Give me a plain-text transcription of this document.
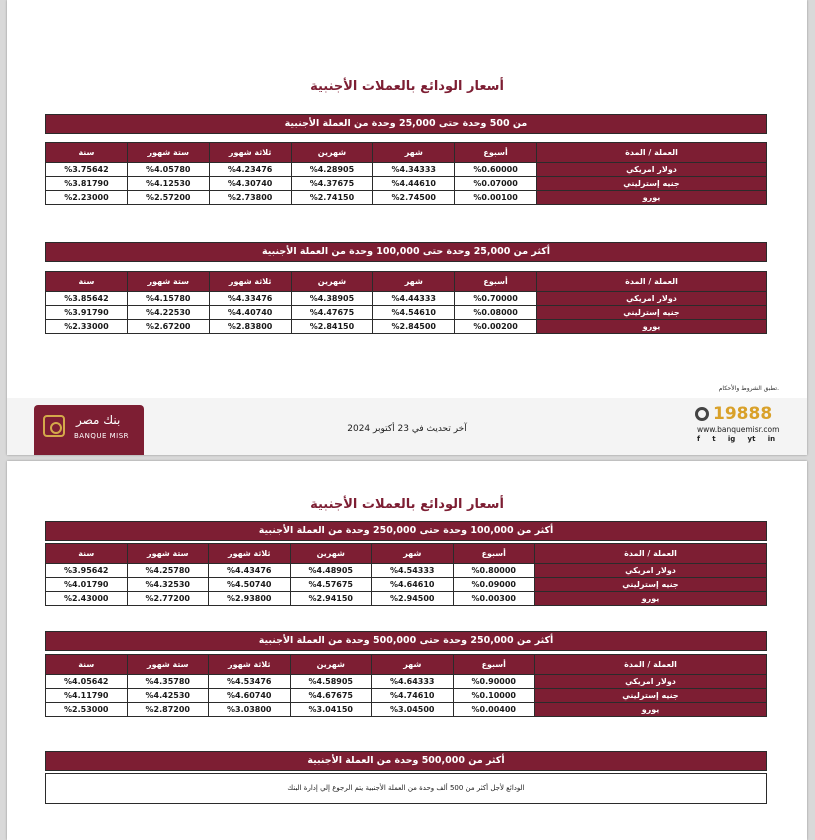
أسعار الودائع بالعملات الأجنبية
من 500 وحدة حتى 25,000 وحدة من العملة الأجنبية
العملة / المدة	أسبوع	شهر	شهرين	ثلاثة شهور	ستة شهور	سنة
دولار امريكي	%0.60000	%4.34333	%4.28905	%4.23476	%4.05780	%3.75642
جنيه إسترليني	%0.07000	%4.44610	%4.37675	%4.30740	%4.12530	%3.81790
يورو	%0.00100	%2.74500	%2.74150	%2.73800	%2.57200	%2.23000
أكثر من 25,000 وحدة حتى 100,000 وحدة من العملة الأجنبية
العملة / المدة	أسبوع	شهر	شهرين	ثلاثة شهور	ستة شهور	سنة
دولار امريكي	%0.70000	%4.44333	%4.38905	%4.33476	%4.15780	%3.85642
جنيه إسترليني	%0.08000	%4.54610	%4.47675	%4.40740	%4.22530	%3.91790
يورو	%0.00200	%2.84500	%2.84150	%2.83800	%2.67200	%2.33000
.تطبق الشروط والأحكام
بنك مصر
BANQUE MISR
آخر تحديث في 23 أكتوبر 2024
19888
www.banquemisr.com
f t ig yt in
أسعار الودائع بالعملات الأجنبية
أكثر من 100,000 وحدة حتى 250,000 وحدة من العملة الأجنبية
العملة / المدة	أسبوع	شهر	شهرين	ثلاثة شهور	ستة شهور	سنة
دولار امريكي	%0.80000	%4.54333	%4.48905	%4.43476	%4.25780	%3.95642
جنيه إسترليني	%0.09000	%4.64610	%4.57675	%4.50740	%4.32530	%4.01790
يورو	%0.00300	%2.94500	%2.94150	%2.93800	%2.77200	%2.43000
أكثر من 250,000 وحدة حتى 500,000 وحدة من العملة الأجنبية
العملة / المدة	أسبوع	شهر	شهرين	ثلاثة شهور	ستة شهور	سنة
دولار امريكي	%0.90000	%4.64333	%4.58905	%4.53476	%4.35780	%4.05642
جنيه إسترليني	%0.10000	%4.74610	%4.67675	%4.60740	%4.42530	%4.11790
يورو	%0.00400	%3.04500	%3.04150	%3.03800	%2.87200	%2.53000
أكثر من 500,000 وحدة من العملة الأجنبية
الودائع لأجل أكثر من 500 ألف وحدة من العملة الأجنبية يتم الرجوع إلي إدارة البنك
